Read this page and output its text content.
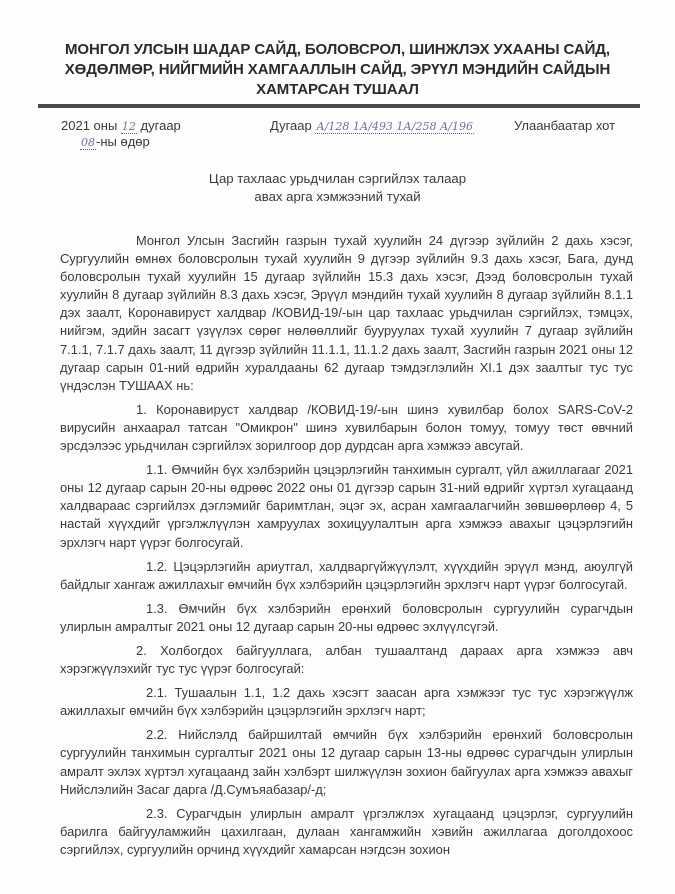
МОНГОЛ УЛСЫН ШАДАР САЙД, БОЛОВСРОЛ, ШИНЖЛЭХ УХААНЫ САЙД,
ХӨДӨЛМӨР, НИЙГМИЙН ХАМГААЛЛЫН САЙД, ЭРҮҮЛ МЭНДИЙН САЙДЫН
ХАМТАРСАН ТУШААЛ
2021 оны 12 дугаар
08-ны өдөр
Дугаар А/128 1А/493 1А/258 А/196	Улаанбаатар хот
Цар тахлаас урьдчилан сэргийлэх талаар
авах арга хэмжээний тухай

Монгол Улсын Засгийн газрын тухай хуулийн 24 дүгээр зүйлийн 2 дахь хэсэг, Сургуулийн өмнөх боловсролын тухай хуулийн 9 дүгээр зүйлийн 9.3 дахь хэсэг, Бага, дунд боловсролын тухай хуулийн 15 дугаар зүйлийн 15.3 дахь хэсэг, Дээд боловсролын тухай хуулийн 8 дугаар зүйлийн 8.3 дахь хэсэг, Эрүүл мэндийн тухай хуулийн 8 дугаар зүйлийн 8.1.1 дэх заалт, Коронавируст халдвар /КОВИД-19/-ын цар тахлаас урьдчилан сэргийлэх, тэмцэх, нийгэм, эдийн засагт үзүүлэх сөрөг нөлөөллийг бууруулах тухай хуулийн 7 дугаар зүйлийн 7.1.1, 7.1.7 дахь заалт, 11 дүгээр зүйлийн 11.1.1, 11.1.2 дахь заалт, Засгийн газрын 2021 оны 12 дугаар сарын 01-ний өдрийн хуралдааны 62 дугаар тэмдэглэлийн XI.1 дэх заалтыг тус тус үндэслэн ТУШААХ нь:

1. Коронавируст халдвар /КОВИД-19/-ын шинэ хувилбар болох SARS-CoV-2 вирусийн анхаарал татсан "Омикрон" шинэ хувилбарын болон томуу, томуу төст өвчний эрсдэлээс урьдчилан сэргийлэх зорилгоор дор дурдсан арга хэмжээ авсугай.

1.1. Өмчийн бүх хэлбэрийн цэцэрлэгийн танхимын сургалт, үйл ажиллагааг 2021 оны 12 дугаар сарын 20-ны өдрөөс 2022 оны 01 дүгээр сарын 31-ний өдрийг хүртэл хугацаанд халдвараас сэргийлэх дэглэмийг баримтлан, эцэг эх, асран хамгаалагчийн зөвшөөрлөөр 4, 5 настай хүүхдийг үргэлжлүүлэн хамруулах зохицуулалтын арга хэмжээ авахыг цэцэрлэгийн эрхлэгч нарт үүрэг болгосугай.

1.2. Цэцэрлэгийн ариутгал, халдваргүйжүүлэлт, хүүхдийн эрүүл мэнд, аюулгүй байдлыг хангаж ажиллахыг өмчийн бүх хэлбэрийн цэцэрлэгийн эрхлэгч нарт үүрэг болгосугай.

1.3. Өмчийн бүх хэлбэрийн ерөнхий боловсролын сургуулийн сурагчдын улирлын амралтыг 2021 оны 12 дугаар сарын 20-ны өдрөөс эхлүүлсүгэй.

2. Холбогдох байгууллага, албан тушаалтанд дараах арга хэмжээ авч хэрэгжүүлэхийг тус тус үүрэг болгосугай:

2.1. Тушаалын 1.1, 1.2 дахь хэсэгт заасан арга хэмжээг тус тус хэрэгжүүлж ажиллахыг өмчийн бүх хэлбэрийн цэцэрлэгийн эрхлэгч нарт;

2.2. Нийслэлд байршилтай өмчийн бүх хэлбэрийн ерөнхий боловсролын сургуулийн танхимын сургалтыг 2021 оны 12 дугаар сарын 13-ны өдрөөс сурагчдын улирлын амралт эхлэх хүртэл хугацаанд зайн хэлбэрт шилжүүлэн зохион байгуулах арга хэмжээ авахыг Нийслэлийн Засаг дарга /Д.Сумъяабазар/-д;

2.3. Сурагчдын улирлын амралт үргэлжлэх хугацаанд цэцэрлэг, сургуулийн барилга байгууламжийн цахилгаан, дулаан хангамжийн хэвийн ажиллагаа доголдохоос сэргийлэх, сургуулийн орчинд хүүхдийг хамарсан нэгдсэн зохион
